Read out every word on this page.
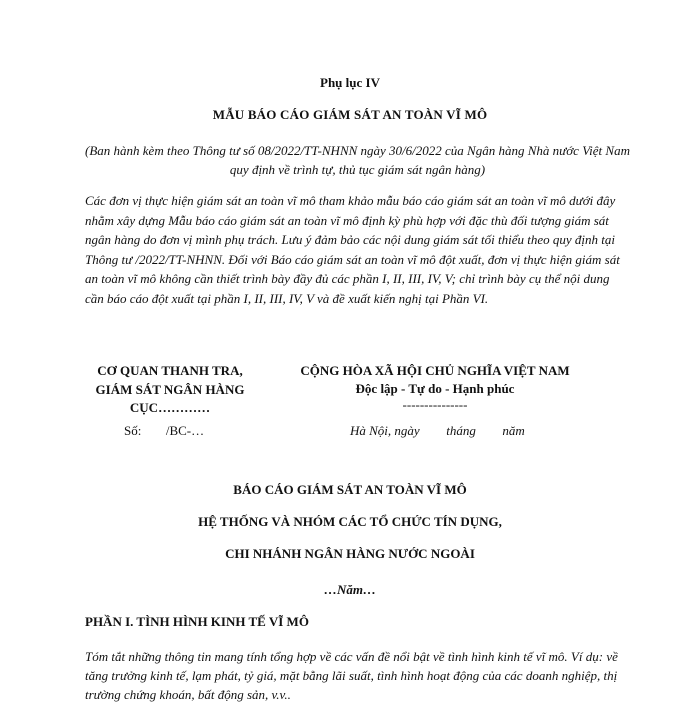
Phụ lục IV
MẪU BÁO CÁO GIÁM SÁT AN TOÀN VĨ MÔ
(Ban hành kèm theo Thông tư số 08/2022/TT-NHNN ngày 30/6/2022 của Ngân hàng Nhà nước Việt Nam quy định về trình tự, thủ tục giám sát ngân hàng)
Các đơn vị thực hiện giám sát an toàn vĩ mô tham khảo mẫu báo cáo giám sát an toàn vĩ mô dưới đây nhằm xây dựng Mẫu báo cáo giám sát an toàn vĩ mô định kỳ phù hợp với đặc thù đối tượng giám sát ngân hàng do đơn vị mình phụ trách. Lưu ý đảm bảo các nội dung giám sát tối thiểu theo quy định tại Thông tư /2022/TT-NHNN. Đối với Báo cáo giám sát an toàn vĩ mô đột xuất, đơn vị thực hiện giám sát an toàn vĩ mô không cần thiết trình bày đầy đủ các phần I, II, III, IV, V; chỉ trình bày cụ thể nội dung cần báo cáo đột xuất tại phần I, II, III, IV, V và đề xuất kiến nghị tại Phần VI.
CƠ QUAN THANH TRA,
GIÁM SÁT NGÂN HÀNG
CỤC…………
Số: /BC-…
CỘNG HÒA XÃ HỘI CHỦ NGHĨA VIỆT NAM
Độc lập - Tự do - Hạnh phúc
---------------
Hà Nội, ngày tháng năm
BÁO CÁO GIÁM SÁT AN TOÀN VĨ MÔ
HỆ THỐNG VÀ NHÓM CÁC TỔ CHỨC TÍN DỤNG,
CHI NHÁNH NGÂN HÀNG NƯỚC NGOÀI
…Năm…
PHẦN I. TÌNH HÌNH KINH TẾ VĨ MÔ
Tóm tắt những thông tin mang tính tổng hợp về các vấn đề nổi bật về tình hình kinh tế vĩ mô. Ví dụ: về tăng trưởng kinh tế, lạm phát, tỷ giá, mặt bằng lãi suất, tình hình hoạt động của các doanh nghiệp, thị trường chứng khoán, bất động sản, v.v..
